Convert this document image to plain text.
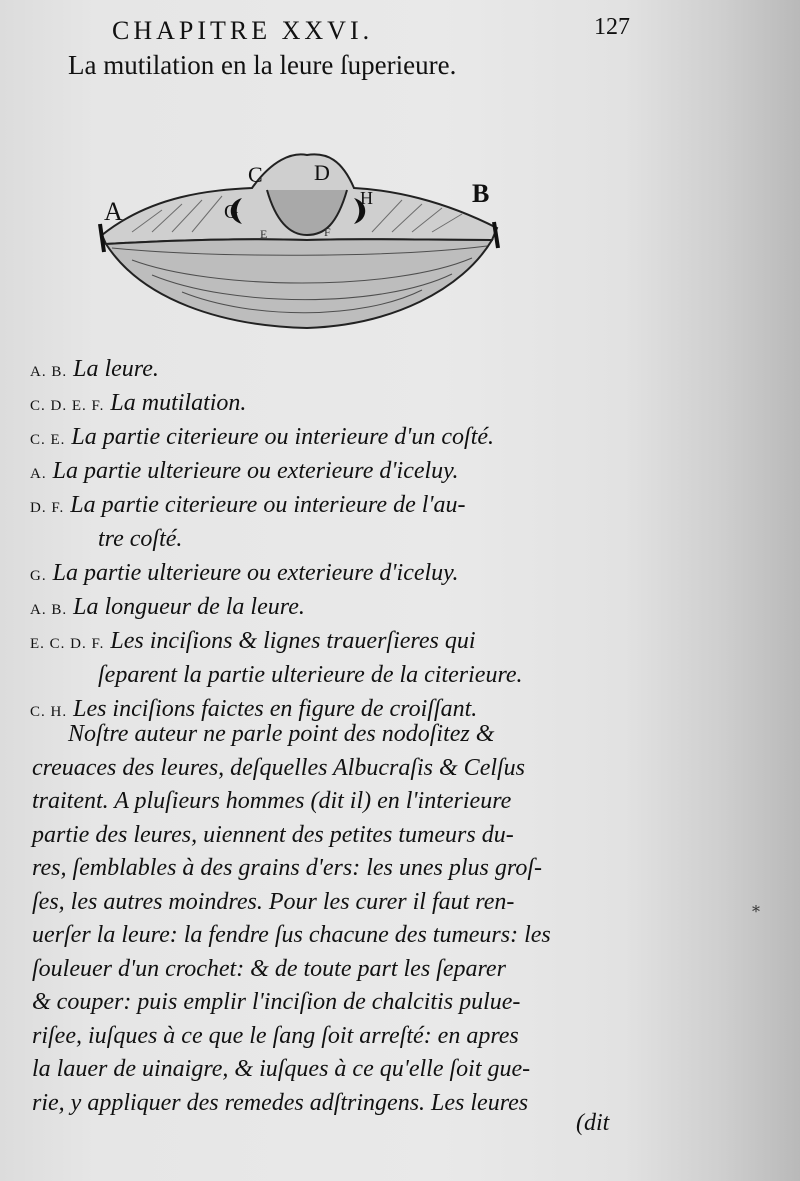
CHAPITRE XXVI.	127
La mutilation en la leure ſuperieure.
A
B
C D
G
H
E	F
A. B. La leure.
C. D. E. F. La mutilation.
C. E. La partie citerieure ou interieure d'un coſté.
A. La partie ulterieure ou exterieure d'iceluy.
D. F. La partie citerieure ou interieure de l'au-
tre coſté.
G. La partie ulterieure ou exterieure d'iceluy.
A. B. La longueur de la leure.
E. C. D. F. Les inciſions & lignes trauerſieres qui
ſeparent la partie ulterieure de la citerieure.
C. H. Les inciſions faictes en figure de croiſſant.
Noſtre auteur ne parle point des nodoſitez &
creuaces des leures, deſquelles Albucraſis & Celſus
traitent. A pluſieurs hommes (dit il) en l'interieure
partie des leures, uiennent des petites tumeurs du-
res, ſemblables à des grains d'ers: les unes plus groſ-
ſes, les autres moindres. Pour les curer il faut ren-
uerſer la leure: la fendre ſus chacune des tumeurs: les
ſouleuer d'un crochet: & de toute part les ſeparer
& couper: puis emplir l'inciſion de chalcitis pulue-
riſee, iuſques à ce que le ſang ſoit arreſté: en apres
la lauer de uinaigre, & iuſques à ce qu'elle ſoit gue-
rie, y appliquer des remedes adſtringens. Les leures
(dit
*
